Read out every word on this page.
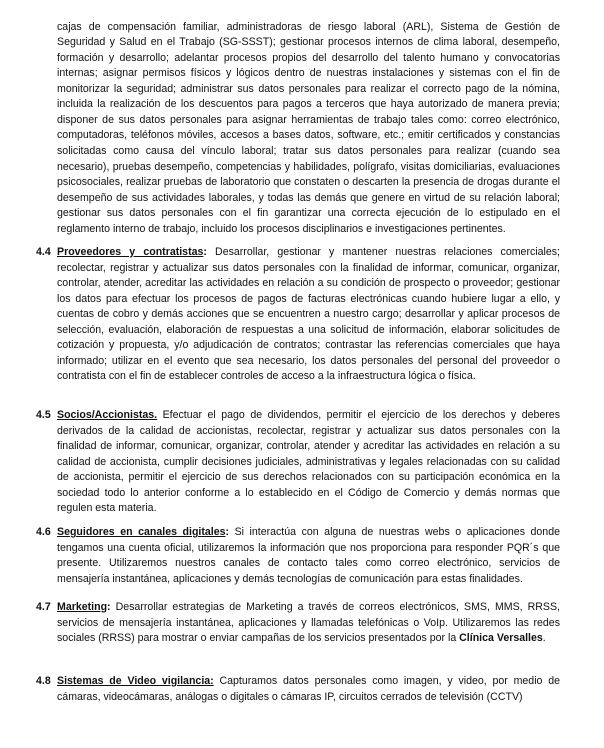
cajas de compensación familiar, administradoras de riesgo laboral (ARL), Sistema de Gestión de Seguridad y Salud en el Trabajo (SG-SSST); gestionar procesos internos de clima laboral, desempeño, formación y desarrollo; adelantar procesos propios del desarrollo del talento humano y convocatorias internas; asignar permisos físicos y lógicos dentro de nuestras instalaciones y sistemas con el fin de monitorizar la seguridad; administrar sus datos personales para realizar el correcto pago de la nómina, incluida la realización de los descuentos para pagos a terceros que haya autorizado de manera previa; disponer de sus datos personales para asignar herramientas de trabajo tales como: correo electrónico, computadoras, teléfonos móviles, accesos a bases datos, software, etc.; emitir certificados y constancias solicitadas como causa del vínculo laboral; tratar sus datos personales para realizar (cuando sea necesario), pruebas desempeño, competencias y habilidades, polígrafo, visitas domiciliarias, evaluaciones psicosociales, realizar pruebas de laboratorio que constaten o descarten la presencia de drogas durante el desempeño de sus actividades laborales, y todas las demás que genere en virtud de su relación laboral; gestionar sus datos personales con el fin garantizar una correcta ejecución de lo estipulado en el reglamento interno de trabajo, incluido los procesos disciplinarios e investigaciones pertinentes.

4.4 Proveedores y contratistas: Desarrollar, gestionar y mantener nuestras relaciones comerciales; recolectar, registrar y actualizar sus datos personales con la finalidad de informar, comunicar, organizar, controlar, atender, acreditar las actividades en relación a su condición de prospecto o proveedor; gestionar los datos para efectuar los procesos de pagos de facturas electrónicas cuando hubiere lugar a ello, y cuentas de cobro y demás acciones que se encuentren a nuestro cargo; desarrollar y aplicar procesos de selección, evaluación, elaboración de respuestas a una solicitud de información, elaborar solicitudes de cotización y propuesta, y/o adjudicación de contratos; contrastar las referencias comerciales que haya informado; utilizar en el evento que sea necesario, los datos personales del personal del proveedor o contratista con el fin de establecer controles de acceso a la infraestructura lógica o física.
4.5 Socios/Accionistas. Efectuar el pago de dividendos, permitir el ejercicio de los derechos y deberes derivados de la calidad de accionistas, recolectar, registrar y actualizar sus datos personales con la finalidad de informar, comunicar, organizar, controlar, atender y acreditar las actividades en relación a su calidad de accionista, cumplir decisiones judiciales, administrativas y legales relacionadas con su calidad de accionista, permitir el ejercicio de sus derechos relacionados con su participación económica en la sociedad todo lo anterior conforme a lo establecido en el Código de Comercio y demás normas que regulen esta materia.
4.6 Seguidores en canales digitales: Si interactúa con alguna de nuestras webs o aplicaciones donde tengamos una cuenta oficial, utilizaremos la información que nos proporciona para responder PQR´s que presente. Utilizaremos nuestros canales de contacto tales como correo electrónico, servicios de mensajería instantánea, aplicaciones y demás tecnologías de comunicación para estas finalidades.
4.7 Marketing: Desarrollar estrategias de Marketing a través de correos electrónicos, SMS, MMS, RRSS, servicios de mensajería instantánea, aplicaciones y llamadas telefónicas o VoIp. Utilizaremos las redes sociales (RRSS) para mostrar o enviar campañas de los servicios presentados por la Clínica Versalles.
4.8 Sistemas de Video vigilancia: Capturamos datos personales como imagen, y video, por medio de cámaras, videocámaras, análogas o digitales o cámaras IP, circuitos cerrados de televisión (CCTV)
